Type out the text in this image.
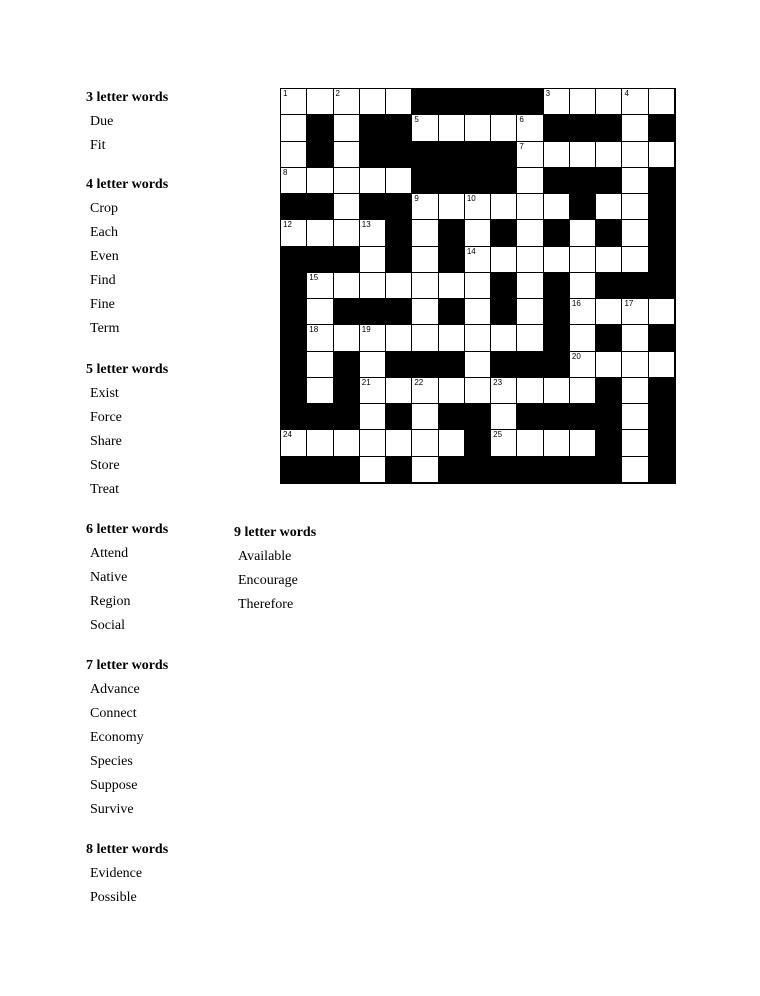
3 letter words
Due
Fit
4 letter words
Crop
Each
Even
Find
Fine
Term
5 letter words
Exist
Force
Share
Store
Treat
6 letter words
Attend
Native
Region
Social
7 letter words
Advance
Connect
Economy
Species
Suppose
Survive
8 letter words
Evidence
Possible
9 letter words
Available
Encourage
Therefore
1	2	3	4
5	6
7
8
9	10	11
12	13
14
15
16	17
18	19
20
21	22	23
24	25
